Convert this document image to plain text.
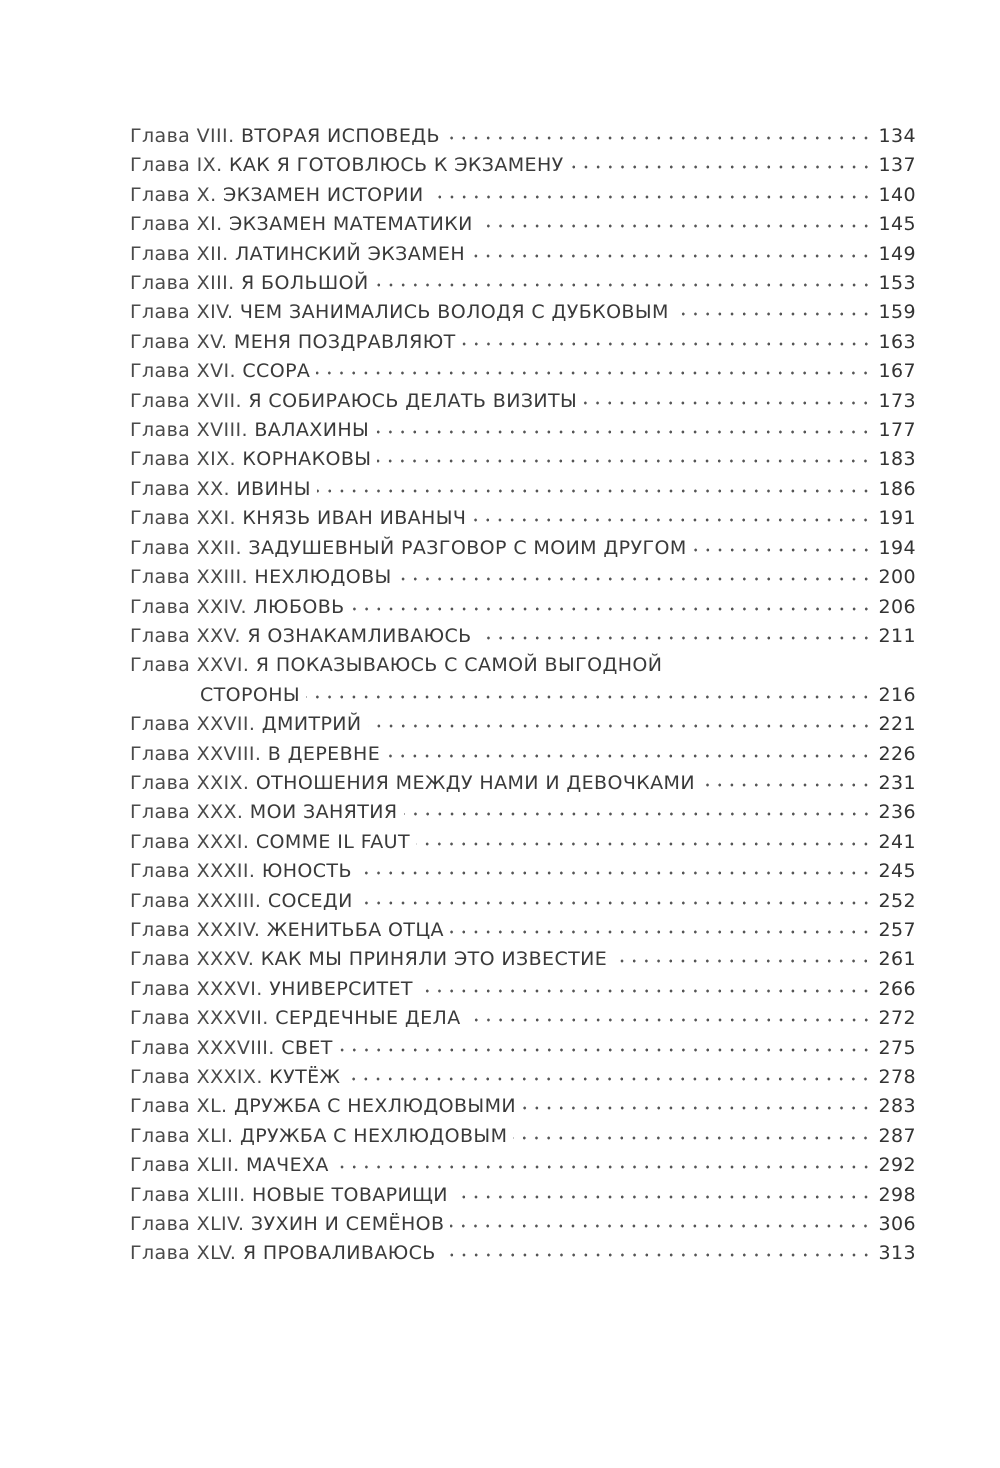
Глава VIII. ВТОРАЯ ИСПОВЕДЬ	134
Глава IX. КАК Я ГОТОВЛЮСЬ К ЭКЗАМЕНУ	137
Глава X. ЭКЗАМЕН ИСТОРИИ	140
Глава XI. ЭКЗАМЕН МАТЕМАТИКИ	145
Глава XII. ЛАТИНСКИЙ ЭКЗАМЕН	149
Глава XIII. Я БОЛЬШОЙ	153
Глава XIV. ЧЕМ ЗАНИМАЛИСЬ ВОЛОДЯ С ДУБКОВЫМ	159
Глава XV. МЕНЯ ПОЗДРАВЛЯЮТ	163
Глава XVI. ССОРА	167
Глава XVII. Я СОБИРАЮСЬ ДЕЛАТЬ ВИЗИТЫ	173
Глава XVIII. ВАЛАХИНЫ	177
Глава XIX. КОРНАКОВЫ	183
Глава XX. ИВИНЫ	186
Глава XXI. КНЯЗЬ ИВАН ИВАНЫЧ	191
Глава XXII. ЗАДУШЕВНЫЙ РАЗГОВОР С МОИМ ДРУГОМ	194
Глава XXIII. НЕХЛЮДОВЫ	200
Глава XXIV. ЛЮБОВЬ	206
Глава XXV. Я ОЗНАКАМЛИВАЮСЬ	211
Глава XXVI. Я ПОКАЗЫВАЮСЬ С САМОЙ ВЫГОДНОЙ
СТОРОНЫ	216
Глава XXVII. ДМИТРИЙ	221
Глава XXVIII. В ДЕРЕВНЕ	226
Глава XXIX. ОТНОШЕНИЯ МЕЖДУ НАМИ И ДЕВОЧКАМИ	231
Глава XXX. МОИ ЗАНЯТИЯ	236
Глава XXXI. COMME IL FAUT	241
Глава XXXII. ЮНОСТЬ	245
Глава XXXIII. СОСЕДИ	252
Глава XXXIV. ЖЕНИТЬБА ОТЦА	257
Глава XXXV. КАК МЫ ПРИНЯЛИ ЭТО ИЗВЕСТИЕ	261
Глава XXXVI. УНИВЕРСИТЕТ	266
Глава XXXVII. СЕРДЕЧНЫЕ ДЕЛА	272
Глава XXXVIII. СВЕТ	275
Глава XXXIX. КУТЁЖ	278
Глава XL. ДРУЖБА С НЕХЛЮДОВЫМИ	283
Глава XLI. ДРУЖБА С НЕХЛЮДОВЫМ	287
Глава XLII. МАЧЕХА	292
Глава XLIII. НОВЫЕ ТОВАРИЩИ	298
Глава XLIV. ЗУХИН И СЕМЁНОВ	306
Глава XLV. Я ПРОВАЛИВАЮСЬ	313
